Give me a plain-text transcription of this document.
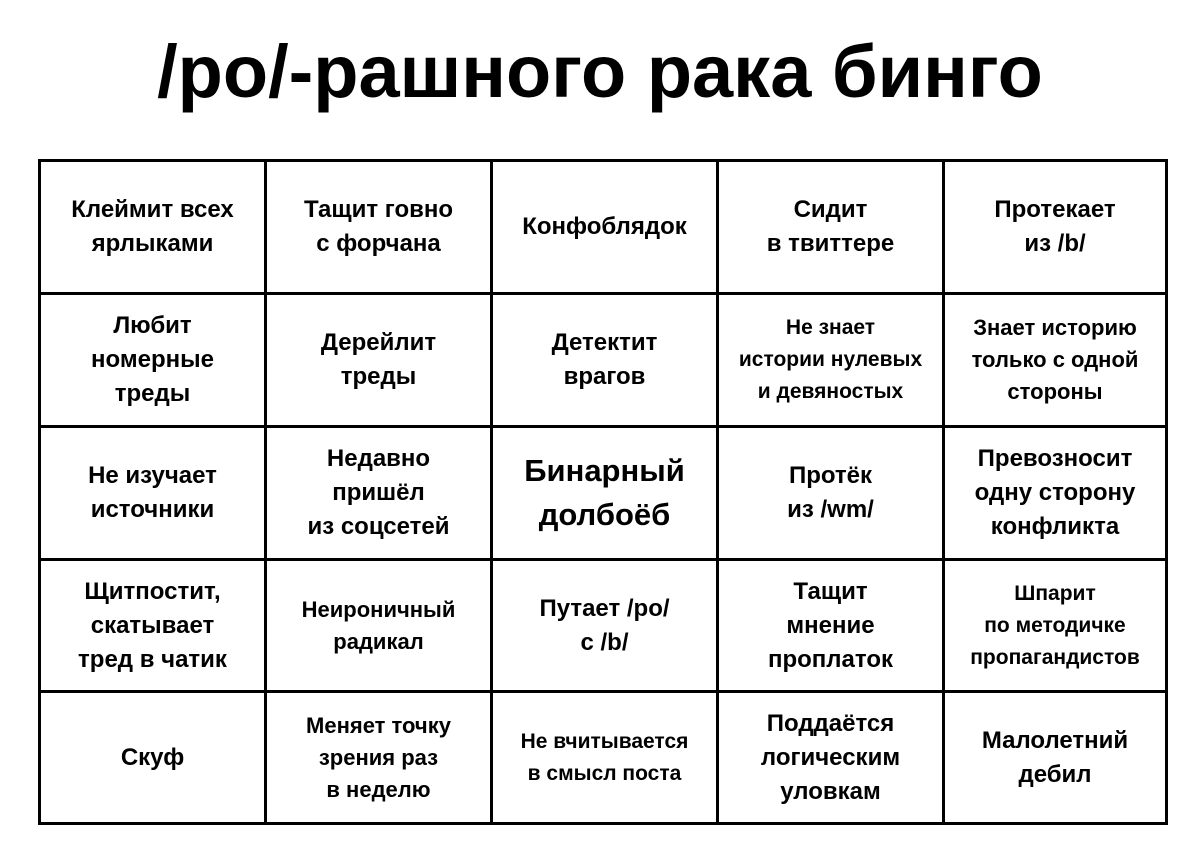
/po/-рашного рака бинго
Клеймит всех
ярлыками
Тащит говно
с форчана
Конфоблядок
Сидит
в твиттере
Протекает
из /b/
Любит
номерные
треды
Дерейлит
треды
Детектит
врагов
Не знает
истории нулевых
и девяностых
Знает историю
только с одной
стороны
Не изучает
источники
Недавно
пришёл
из соцсетей
Бинарный
долбоёб
Протёк
из /wm/
Превозносит
одну сторону
конфликта
Щитпостит,
скатывает
тред в чатик
Неироничный
радикал
Путает /po/
с /b/
Тащит
мнение
проплаток
Шпарит
по методичке
пропагандистов
Скуф
Меняет точку
зрения раз
в неделю
Не вчитывается
в смысл поста
Поддаётся
логическим
уловкам
Малолетний
дебил
